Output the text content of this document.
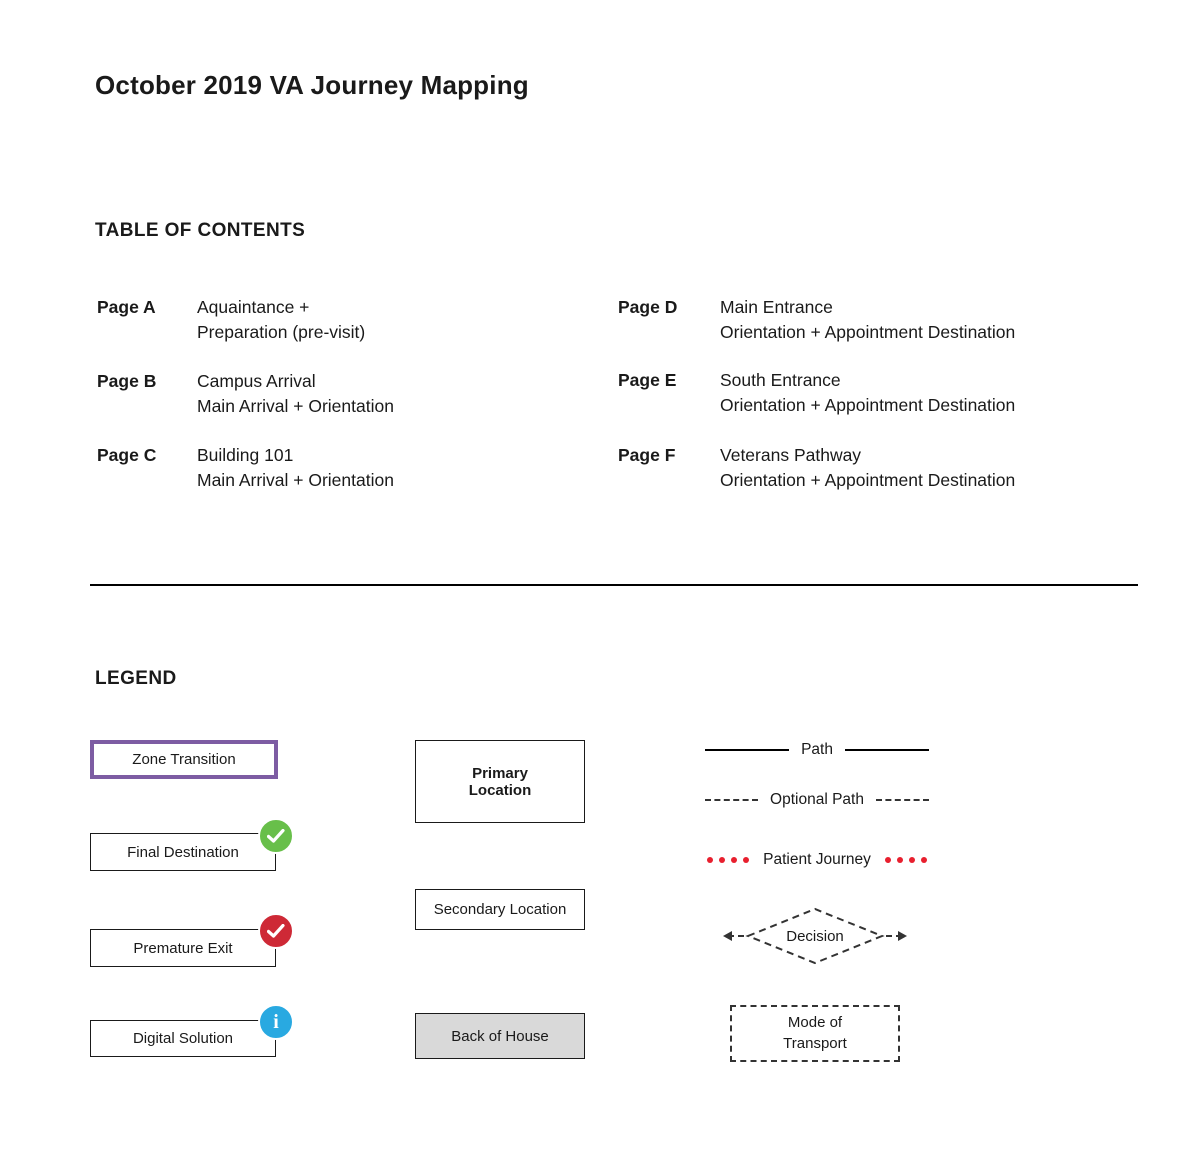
October 2019 VA Journey Mapping
TABLE OF CONTENTS
Page A	Aquaintance +
Preparation (pre-visit)
Page B	Campus Arrival
Main Arrival + Orientation
Page C	Building 101
Main Arrival + Orientation
Page D	Main Entrance
Orientation + Appointment Destination
Page E	South Entrance
Orientation + Appointment Destination
Page F	Veterans Pathway
Orientation + Appointment Destination
LEGEND
Zone Transition
Final Destination
Premature Exit
Digital Solution
i
Primary Location
Secondary Location
Back of House
Path
Optional Path
Patient Journey
Decision
Mode of Transport
